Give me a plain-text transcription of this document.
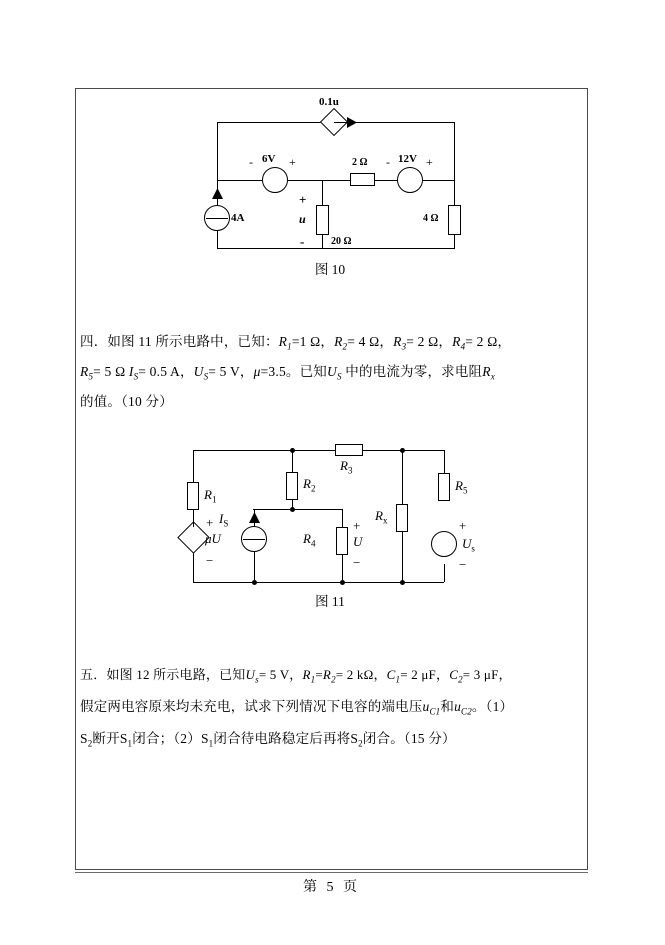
0.1u
- 6V +	2 Ω - 12V +
4A
20 Ω
+
u
-
4 Ω
图 10
四．如图 11 所示电路中，已知：$R_1=1$ Ω，$R_2= 4$ Ω，$R_3= 2$ Ω，$R_4= 2$ Ω，
$R_5= 5$ Ω $I_S= 0.5$ A，$U_S= 5$ V，μ=3.5。已知$U_S$ 中的电流为零，求电阻$R_x$
的值。（10 分）
$R_1$
+
μU
−
$R_2$
$R_3$
$R_5$
+
$U_s$
−
$R_x$
$I_S$
$R_4$
+
U
−
图 11
五．如图 12 所示电路，已知$U_s= 5$ V，$R_1=R_2= 2$ kΩ，$C_1= 2$ μF，$C_2= 3$ μF，
假定两电容原来均未充电，试求下列情况下电容的端电压$u_{C1}$和$u_{C2}$。（1）
$S_2$断开$S_1$闭合；$(2)S_1$闭合待电路稳定后再将$S_2$闭合。（15 分）
第 5 页
